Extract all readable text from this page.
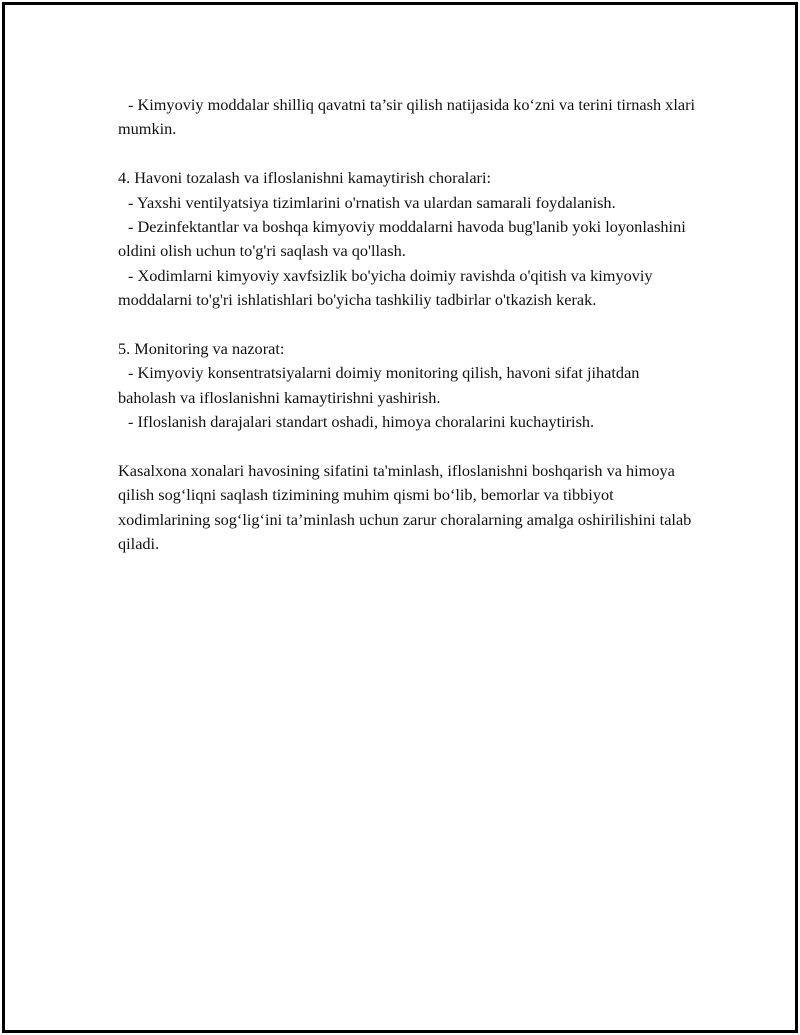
- Kimyoviy moddalar shilliq qavatni ta’sir qilish natijasida ko‘zni va terini tirnash xlari mumkin.

4. Havoni tozalash va ifloslanishni kamaytirish choralari:

- Yaxshi ventilyatsiya tizimlarini o'rnatish va ulardan samarali foydalanish.

- Dezinfektantlar va boshqa kimyoviy moddalarni havoda bug'lanib yoki loyonlashini oldini olish uchun to'g'ri saqlash va qo'llash.

- Xodimlarni kimyoviy xavfsizlik bo'yicha doimiy ravishda o'qitish va kimyoviy moddalarni to'g'ri ishlatishlari bo'yicha tashkiliy tadbirlar o'tkazish kerak.

5. Monitoring va nazorat:

- Kimyoviy konsentratsiyalarni doimiy monitoring qilish, havoni sifat jihatdan baholash va ifloslanishni kamaytirishni yashirish.

- Ifloslanish darajalari standart oshadi, himoya choralarini kuchaytirish.

Kasalxona xonalari havosining sifatini ta'minlash, ifloslanishni boshqarish va himoya qilish sog‘liqni saqlash tizimining muhim qismi bo‘lib, bemorlar va tibbiyot xodimlarining sog‘lig‘ini ta’minlash uchun zarur choralarning amalga oshirilishini talab qiladi.
